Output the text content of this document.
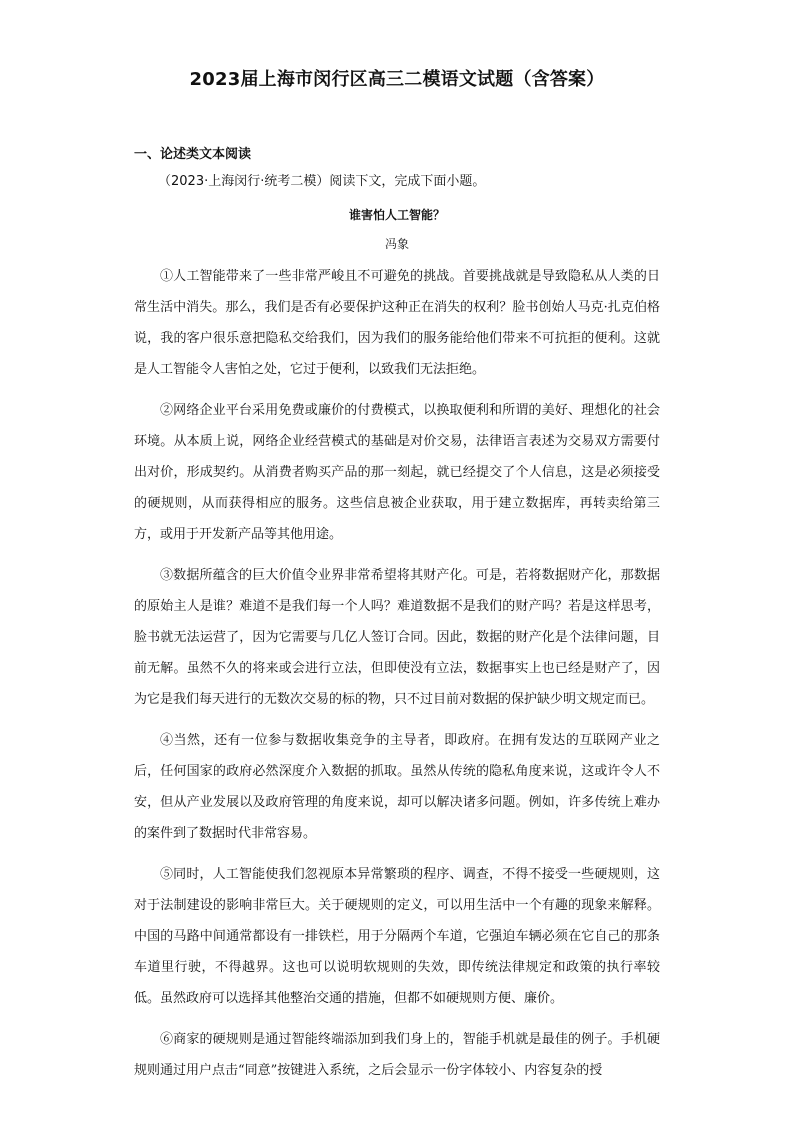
2023届上海市闵行区高三二模语文试题（含答案）
一、论述类文本阅读
（2023·上海闵行·统考二模）阅读下文，完成下面小题。
谁害怕人工智能？
冯象

①人工智能带来了一些非常严峻且不可避免的挑战。首要挑战就是导致隐私从人类的日常生活中消失。那么，我们是否有必要保护这种正在消失的权利？脸书创始人马克·扎克伯格说，我的客户很乐意把隐私交给我们，因为我们的服务能给他们带来不可抗拒的便利。这就是人工智能令人害怕之处，它过于便利，以致我们无法拒绝。

②网络企业平台采用免费或廉价的付费模式，以换取便利和所谓的美好、理想化的社会环境。从本质上说，网络企业经营模式的基础是对价交易，法律语言表述为交易双方需要付出对价，形成契约。从消费者购买产品的那一刻起，就已经提交了个人信息，这是必须接受的硬规则，从而获得相应的服务。这些信息被企业获取，用于建立数据库，再转卖给第三方，或用于开发新产品等其他用途。

③数据所蕴含的巨大价值令业界非常希望将其财产化。可是，若将数据财产化，那数据的原始主人是谁？难道不是我们每一个人吗？难道数据不是我们的财产吗？若是这样思考，脸书就无法运营了，因为它需要与几亿人签订合同。因此，数据的财产化是个法律问题，目前无解。虽然不久的将来或会进行立法，但即使没有立法，数据事实上也已经是财产了，因为它是我们每天进行的无数次交易的标的物，只不过目前对数据的保护缺少明文规定而已。

④当然，还有一位参与数据收集竞争的主导者，即政府。在拥有发达的互联网产业之后，任何国家的政府必然深度介入数据的抓取。虽然从传统的隐私角度来说，这或许令人不安，但从产业发展以及政府管理的角度来说，却可以解决诸多问题。例如，许多传统上难办的案件到了数据时代非常容易。

⑤同时，人工智能使我们忽视原本异常繁琐的程序、调查，不得不接受一些硬规则，这对于法制建设的影响非常巨大。关于硬规则的定义，可以用生活中一个有趣的现象来解释。中国的马路中间通常都设有一排铁栏，用于分隔两个车道，它强迫车辆必须在它自己的那条车道里行驶，不得越界。这也可以说明软规则的失效，即传统法律规定和政策的执行率较低。虽然政府可以选择其他整治交通的措施，但都不如硬规则方便、廉价。

⑥商家的硬规则是通过智能终端添加到我们身上的，智能手机就是最佳的例子。手机硬规则通过用户点击“同意”按键进入系统，之后会显示一份字体较小、内容复杂的授
